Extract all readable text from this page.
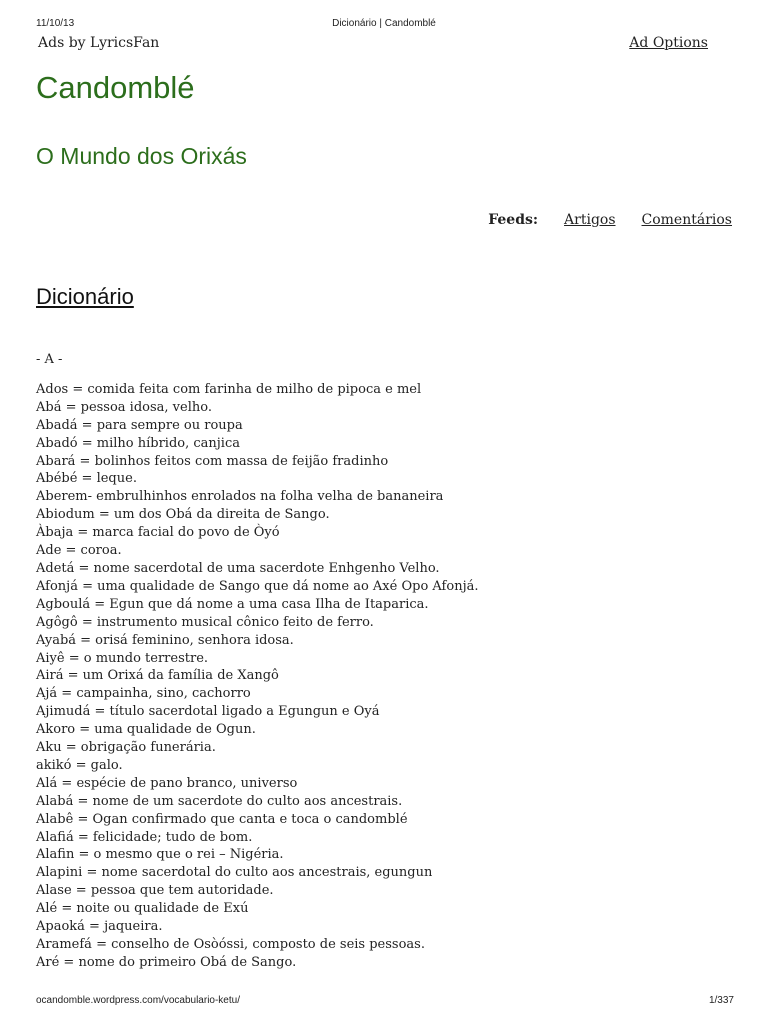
11/10/13	Dicionário | Candomblé
Ads by LyricsFan	Ad Options
Candomblé
O Mundo dos Orixás
Feeds: Artigos Comentários
Dicionário

- A -

Ados = comida feita com farinha de milho de pipoca e mel
Abá = pessoa idosa, velho.
Abadá = para sempre ou roupa
Abadó = milho híbrido, canjica
Abará = bolinhos feitos com massa de feijão fradinho
Abébé = leque.
Aberem- embrulhinhos enrolados na folha velha de bananeira
Abiodum = um dos Obá da direita de Sango.
Àbaja = marca facial do povo de Òyó
Ade = coroa.
Adetá = nome sacerdotal de uma sacerdote Enhgenho Velho.
Afonjá = uma qualidade de Sango que dá nome ao Axé Opo Afonjá.
Agboulá = Egun que dá nome a uma casa Ilha de Itaparica.
Agôgô = instrumento musical cônico feito de ferro.
Ayabá = orisá feminino, senhora idosa.
Aiyê = o mundo terrestre.
Airá = um Orixá da família de Xangô
Ajá = campainha, sino, cachorro
Ajimudá = título sacerdotal ligado a Egungun e Oyá
Akoro = uma qualidade de Ogun.
Aku = obrigação funerária.
akikó = galo.
Alá = espécie de pano branco, universo
Alabá = nome de um sacerdote do culto aos ancestrais.
Alabê = Ogan confirmado que canta e toca o candomblé
Alafiá = felicidade; tudo de bom.
Alafin = o mesmo que o rei – Nigéria.
Alapini = nome sacerdotal do culto aos ancestrais, egungun
Alase = pessoa que tem autoridade.
Alé = noite ou qualidade de Exú
Apaoká = jaqueira.
Aramefá = conselho de Osòóssi, composto de seis pessoas.
Aré = nome do primeiro Obá de Sango.
ocandomble.wordpress.com/vocabulario-ketu/	1/337
